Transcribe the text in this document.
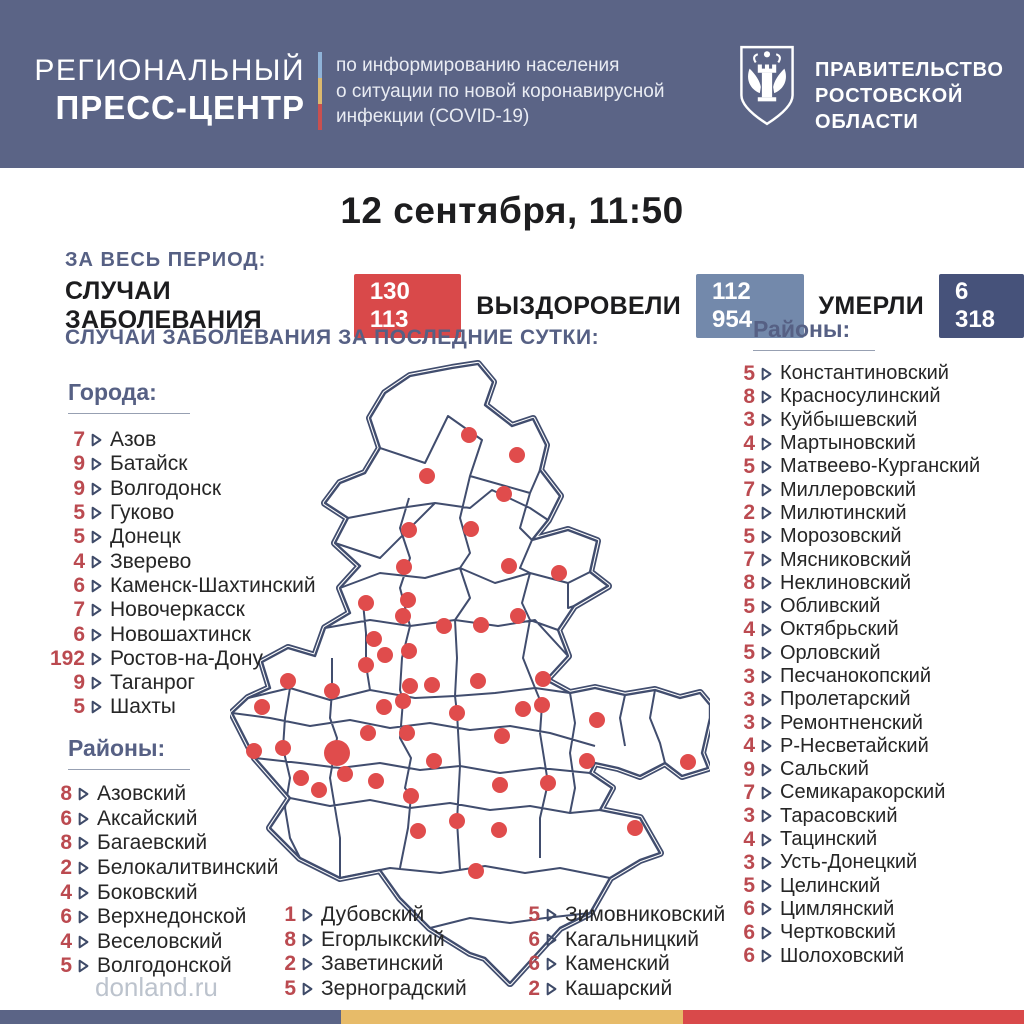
РЕГИОНАЛЬНЫЙ
ПРЕСС-ЦЕНТР
по информированию населения
о ситуации по новой коронавирусной
инфекции (COVID-19)
ПРАВИТЕЛЬСТВО
РОСТОВСКОЙ
ОБЛАСТИ
12 сентября, 11:50
ЗА ВЕСЬ ПЕРИОД:
СЛУЧАИ ЗАБОЛЕВАНИЯ
130 113	ВЫЗДОРОВЕЛИ	112 954	УМЕРЛИ	6 318
СЛУЧАИ ЗАБОЛЕВАНИЯ ЗА ПОСЛЕДНИЕ СУТКИ:
Города:
7 Азов
9 Батайск
9 Волгодонск
5 Гуково
5 Донецк
4 Зверево
6 Каменск-Шахтинский
7 Новочеркасск
6 Новошахтинск
192 Ростов-на-Дону
9 Таганрог
5 Шахты
Районы:
8 Азовский
6 Аксайский
8 Багаевский
2 Белокалитвинский
4 Боковский
6 Верхнедонской
4 Веселовский
5 Волгодонской
1 Дубовский
8 Егорлыкский
2 Заветинский
5 Зерноградский
5 Зимовниковский
6 Кагальницкий
6 Каменский
2 Кашарский
Районы:
5 Константиновский
8 Красносулинский
3 Куйбышевский
4 Мартыновский
5 Матвеево-Курганский
7 Миллеровский
2 Милютинский
5 Морозовский
7 Мясниковский
8 Неклиновский
5 Обливский
4 Октябрьский
5 Орловский
3 Песчанокопский
3 Пролетарский
3 Ремонтненский
4 Р-Несветайский
9 Сальский
7 Семикаракорский
3 Тарасовский
4 Тацинский
3 Усть-Донецкий
5 Целинский
6 Цимлянский
6 Чертковский
6 Шолоховский
donland.ru
